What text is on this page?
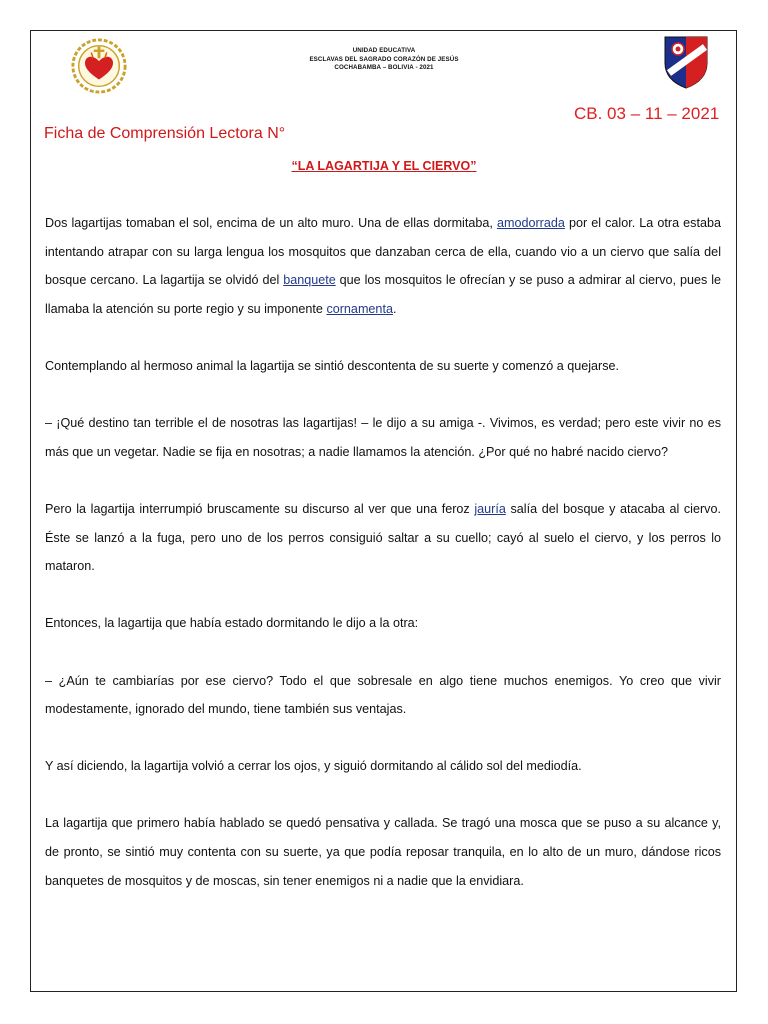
UNIDAD EDUCATIVA
ESCLAVAS DEL SAGRADO CORAZÓN DE JESÚS
COCHABAMBA – BOLIVIA - 2021
CB. 03 – 11 – 2021
Ficha de Comprensión Lectora N°
“LA LAGARTIJA Y EL CIERVO”

Dos lagartijas tomaban el sol, encima de un alto muro. Una de ellas dormitaba, amodorrada por el calor. La otra estaba intentando atrapar con su larga lengua los mosquitos que danzaban cerca de ella, cuando vio a un ciervo que salía del bosque cercano. La lagartija se olvidó del banquete que los mosquitos le ofrecían y se puso a admirar al ciervo, pues le llamaba la atención su porte regio y su imponente cornamenta.

Contemplando al hermoso animal la lagartija se sintió descontenta de su suerte y comenzó a quejarse.

– ¡Qué destino tan terrible el de nosotras las lagartijas! – le dijo a su amiga -. Vivimos, es verdad; pero este vivir no es más que un vegetar. Nadie se fija en nosotras; a nadie llamamos la atención. ¿Por qué no habré nacido ciervo?

Pero la lagartija interrumpió bruscamente su discurso al ver que una feroz jauría salía del bosque y atacaba al ciervo. Éste se lanzó a la fuga, pero uno de los perros consiguió saltar a su cuello; cayó al suelo el ciervo, y los perros lo mataron.

Entonces, la lagartija que había estado dormitando le dijo a la otra:

– ¿Aún te cambiarías por ese ciervo? Todo el que sobresale en algo tiene muchos enemigos. Yo creo que vivir modestamente, ignorado del mundo, tiene también sus ventajas.

Y así diciendo, la lagartija volvió a cerrar los ojos, y siguió dormitando al cálido sol del mediodía.

La lagartija que primero había hablado se quedó pensativa y callada. Se tragó una mosca que se puso a su alcance y, de pronto, se sintió muy contenta con su suerte, ya que podía reposar tranquila, en lo alto de un muro, dándose ricos banquetes de mosquitos y de moscas, sin tener enemigos ni a nadie que la envidiara.
